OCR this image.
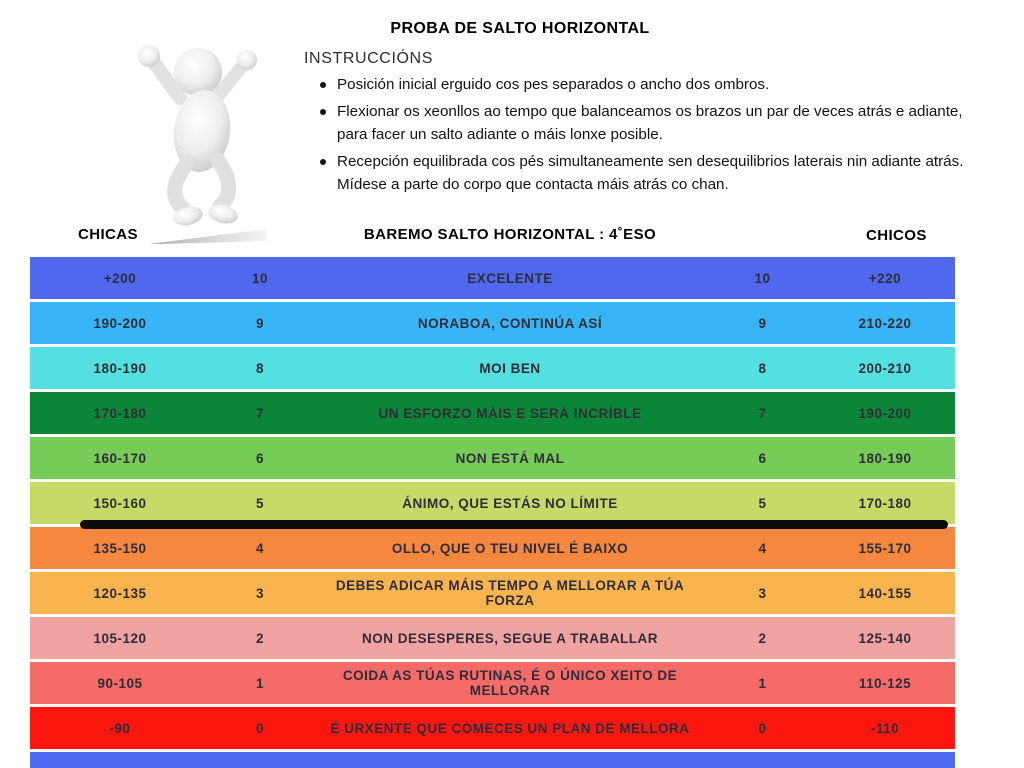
PROBA DE SALTO HORIZONTAL
INSTRUCCIÓNS
Posición inicial erguido cos pes separados o ancho dos ombros.
Flexionar os xeonllos ao tempo que balanceamos os brazos un par de veces atrás e adiante, para facer un salto adiante o máis lonxe posible.
Recepción equilibrada cos pés simultaneamente sen desequilibrios laterais nin adiante atrás. Mídese a parte do corpo que contacta máis atrás co chan.
CHICAS	BAREMO SALTO HORIZONTAL : 4˚ESO	CHICOS
+200	10	EXCELENTE	10	+220
190-200	9	NORABOA, CONTINÚA ASÍ	9	210-220
180-190	8	MOI BEN	8	200-210
170-180	7	UN ESFORZO MÁIS E SERÁ INCRÍBLE	7	190-200
160-170	6	NON ESTÁ MAL	6	180-190
150-160	5	ÁNIMO, QUE ESTÁS NO LÍMITE	5	170-180
135-150	4	OLLO, QUE O TEU NIVEL É BAIXO	4	155-170
120-135	3	DEBES ADICAR MÁIS TEMPO A MELLORAR A TÚA FORZA	3	140-155
105-120	2	NON DESESPERES, SEGUE A TRABALLAR	2	125-140
90-105	1	COIDA AS TÚAS RUTINAS, É O ÚNICO XEITO DE MELLORAR	1	110-125
-90	0	É URXENTE QUE COMECES UN PLAN DE MELLORA	0	-110
